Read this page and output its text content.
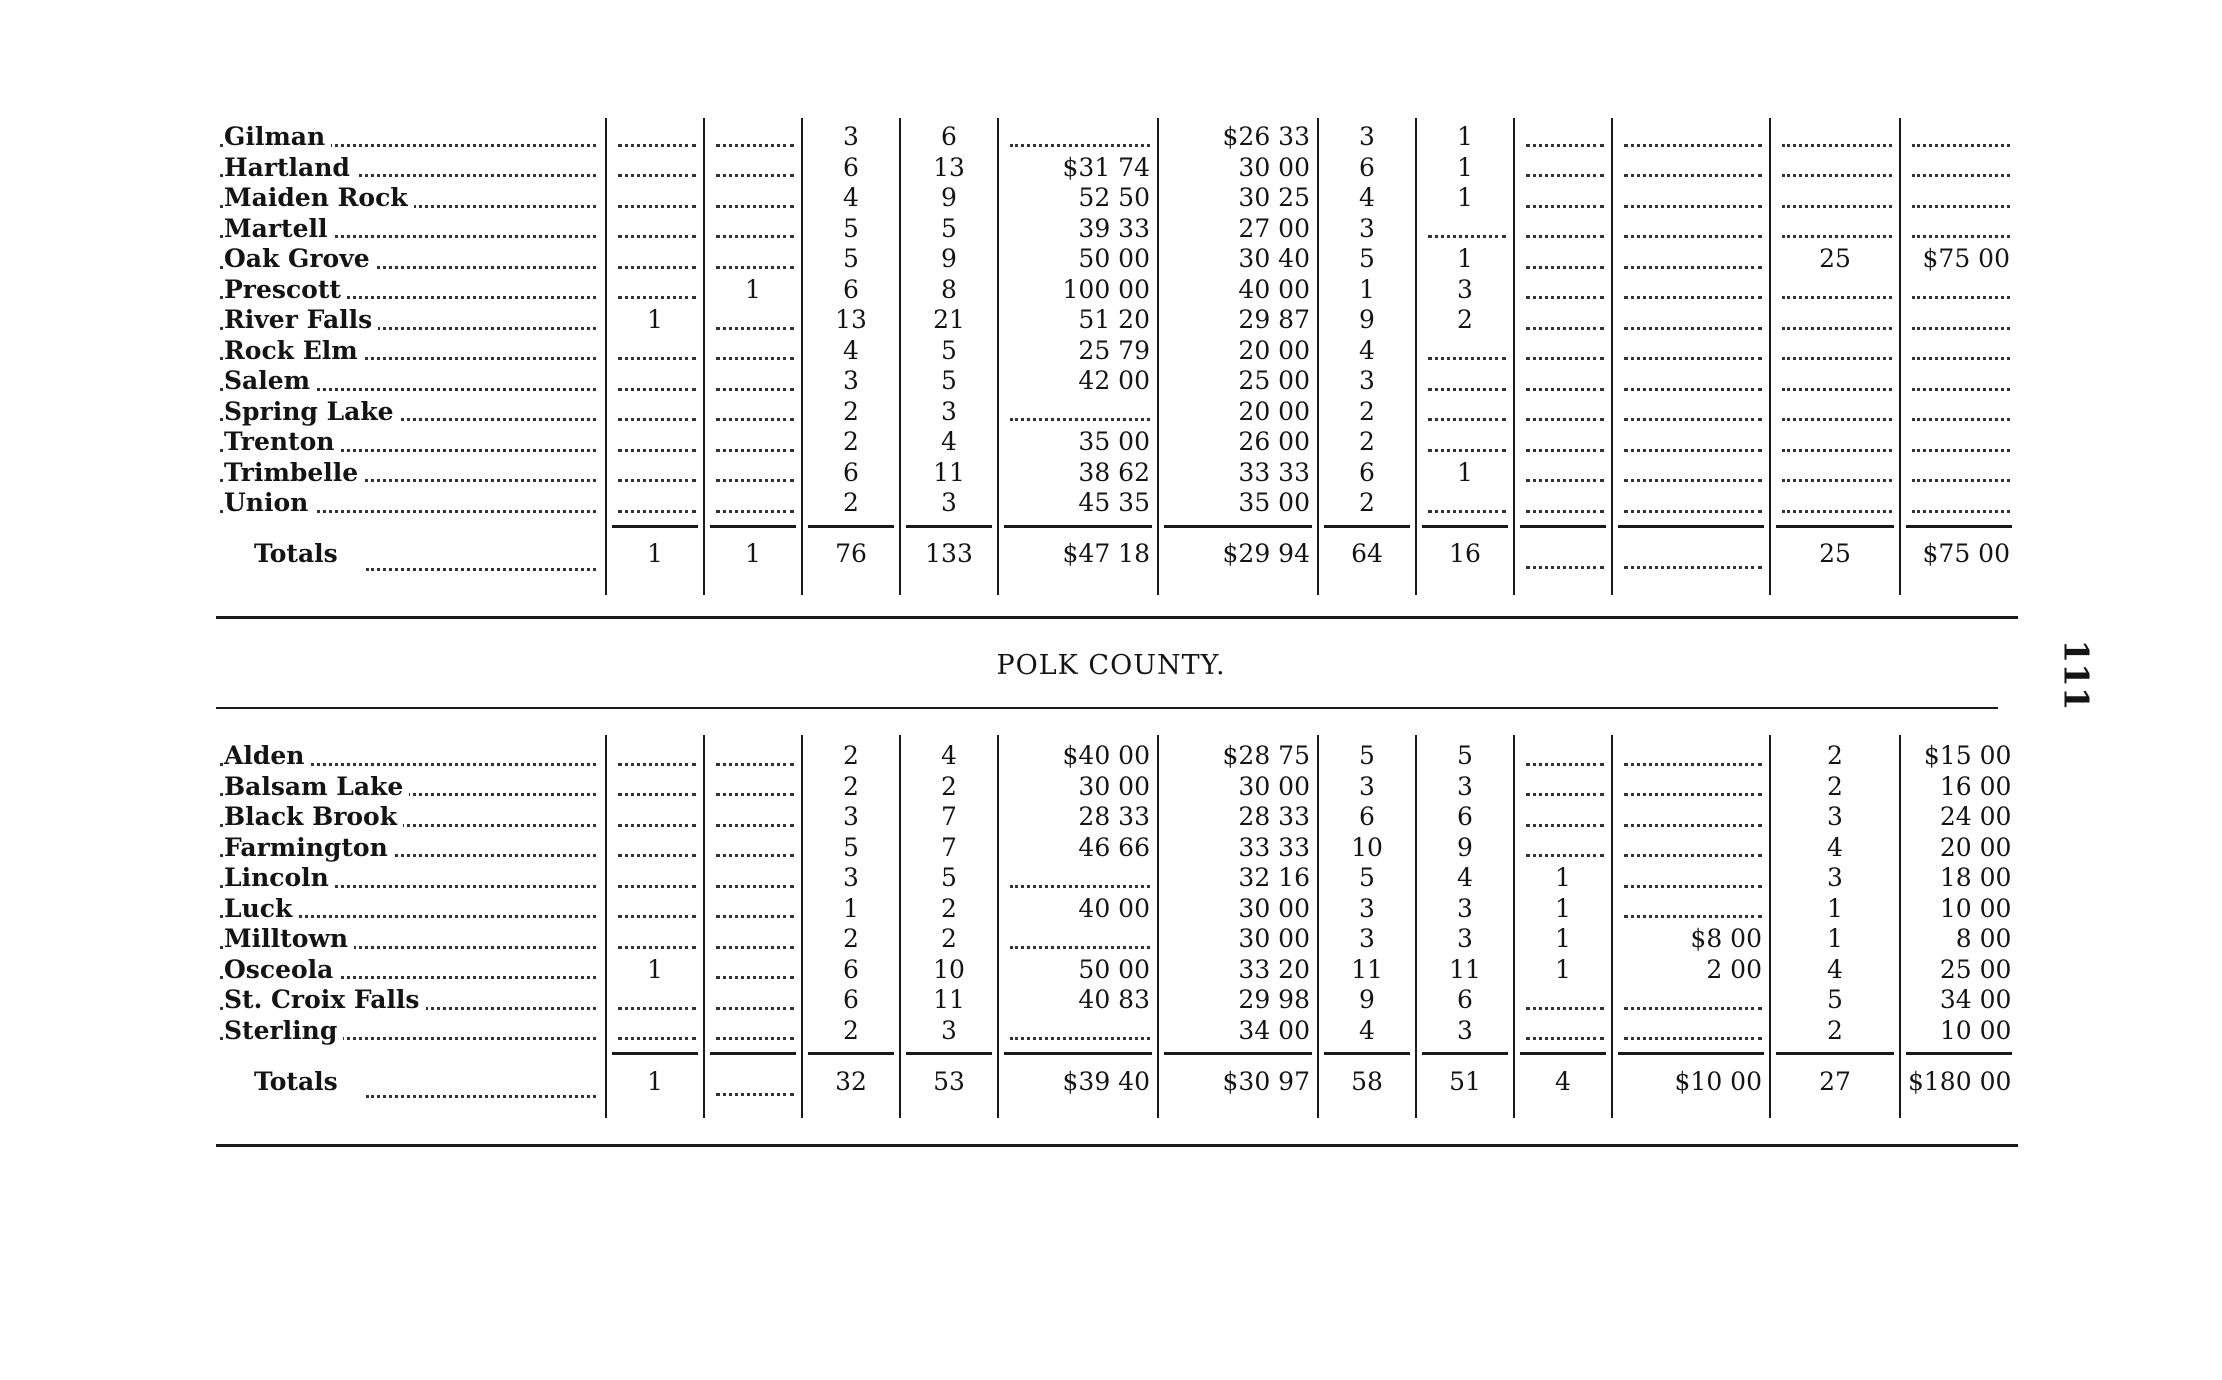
Gilman			3	6		$26 33	3	1				
Hartland			6	13	$31 74	30 00	6	1				
Maiden Rock			4	9	52 50	30 25	4	1				
Martell			5	5	39 33	27 00	3					
Oak Grove			5	9	50 00	30 40	5	1			25	$75 00
Prescott		1	6	8	100 00	40 00	1	3				
River Falls	1		13	21	51 20	29 87	9	2				
Rock Elm			4	5	25 79	20 00	4					
Salem			3	5	42 00	25 00	3					
Spring Lake			2	3		20 00	2					
Trenton			2	4	35 00	26 00	2					
Trimbelle			6	11	38 62	33 33	6	1				
Union			2	3	45 35	35 00	2					
Totals	1	1	76	133	$47 18	$29 94	64	16			25	$75 00
POLK COUNTY.	111
Alden			2	4	$40 00	$28 75	5	5			2	$15 00
Balsam Lake			2	2	30 00	30 00	3	3			2	16 00
Black Brook			3	7	28 33	28 33	6	6			3	24 00
Farmington			5	7	46 66	33 33	10	9			4	20 00
Lincoln			3	5		32 16	5	4	1		3	18 00
Luck			1	2	40 00	30 00	3	3	1		1	10 00
Milltown			2	2		30 00	3	3	1	$8 00	1	8 00
Osceola	1		6	10	50 00	33 20	11	11	1	2 00	4	25 00
St. Croix Falls			6	11	40 83	29 98	9	6			5	34 00
Sterling			2	3		34 00	4	3			2	10 00
Totals	1		32	53	$39 40	$30 97	58	51	4	$10 00	27	$180 00
